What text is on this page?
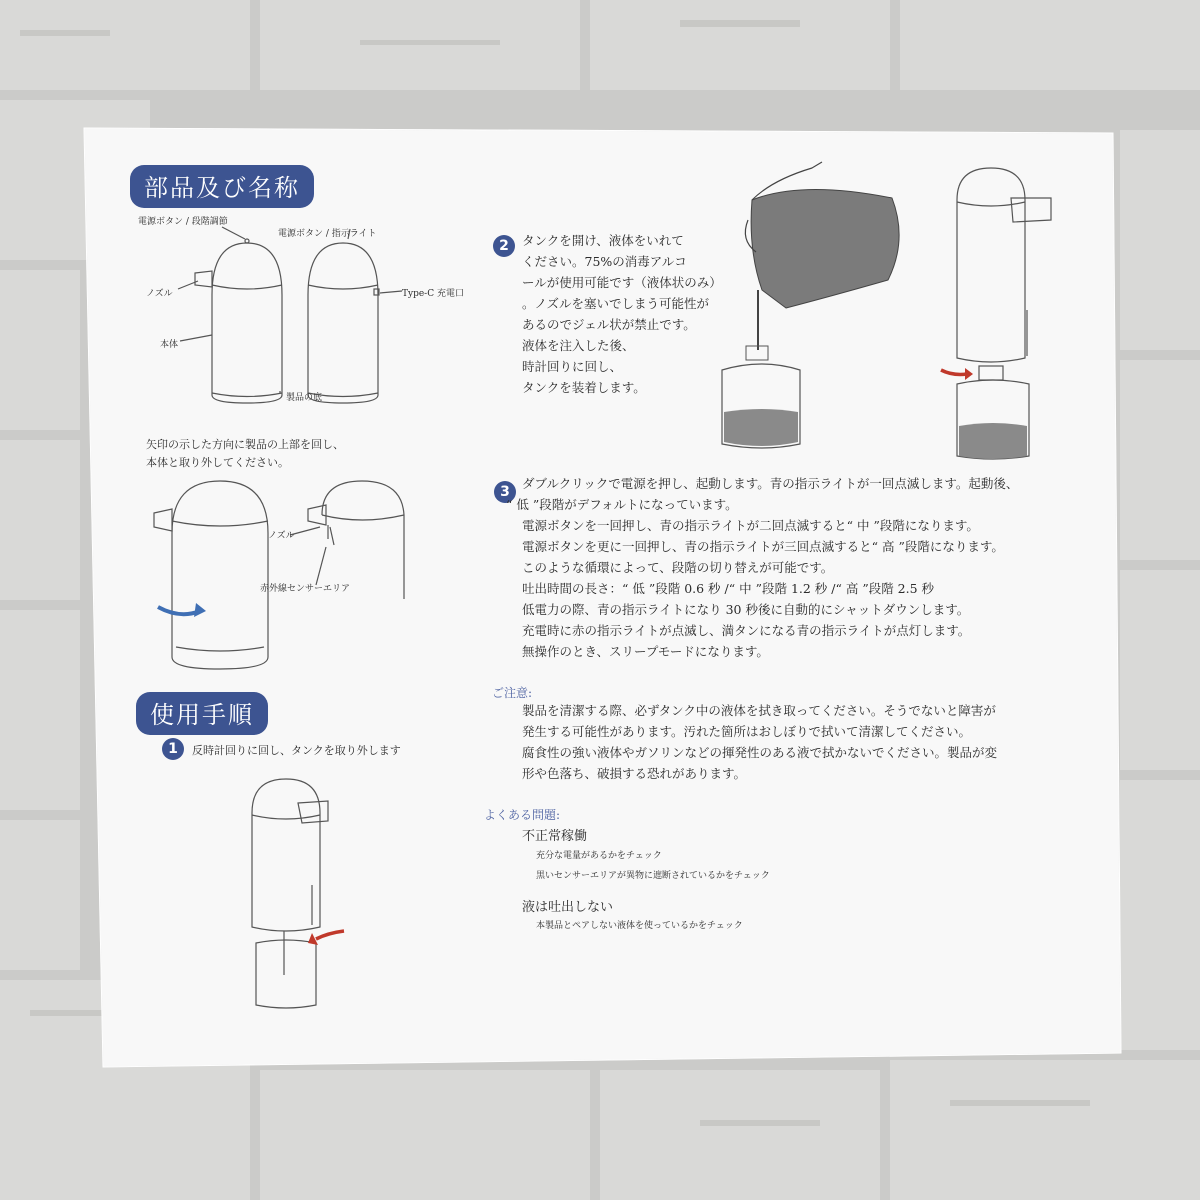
部品及び名称
電源ボタン / 段階調節
電源ボタン / 指示ライト
ノズル	Type-C 充電口
本体
製品の底
矢印の示した方向に製品の上部を回し、
本体と取り外してください。
ノズル
赤外線センサーエリア
使用手順
1	反時計回りに回し、タンクを取り外します
2	タンクを開け、液体をいれて
ください。75%の消毒アルコ
ールが使用可能です（液体状のみ）
。ノズルを塞いでしまう可能性が
あるのでジェル状が禁止です。
液体を注入した後、
時計回りに回し、
タンクを装着します。
3
ダブルクリックで電源を押し、起動します。青の指示ライトが一回点滅します。起動後、
“ 低 ”段階がデフォルトになっています。
電源ボタンを一回押し、青の指示ライトが二回点滅すると“ 中 ”段階になります。
電源ボタンを更に一回押し、青の指示ライトが三回点滅すると“ 高 ”段階になります。
このような循環によって、段階の切り替えが可能です。
吐出時間の長さ：“ 低 ”段階 0.6 秒 /“ 中 ”段階 1.2 秒 /“ 高 ”段階 2.5 秒
低電力の際、青の指示ライトになり 30 秒後に自動的にシャットダウンします。
充電時に赤の指示ライトが点滅し、満タンになる青の指示ライトが点灯します。
無操作のとき、スリープモードになります。
ご注意:
製品を清潔する際、必ずタンク中の液体を拭き取ってください。そうでないと障害が
発生する可能性があります。汚れた箇所はおしぼりで拭いて清潔してください。
腐食性の強い液体やガソリンなどの揮発性のある液で拭かないでください。製品が変
形や色落ち、破損する恐れがあります。
よくある問題:
不正常稼働
充分な電量があるかをチェック
黒いセンサーエリアが異物に遮断されているかをチェック
液は吐出しない
本製品とペアしない液体を使っているかをチェック
